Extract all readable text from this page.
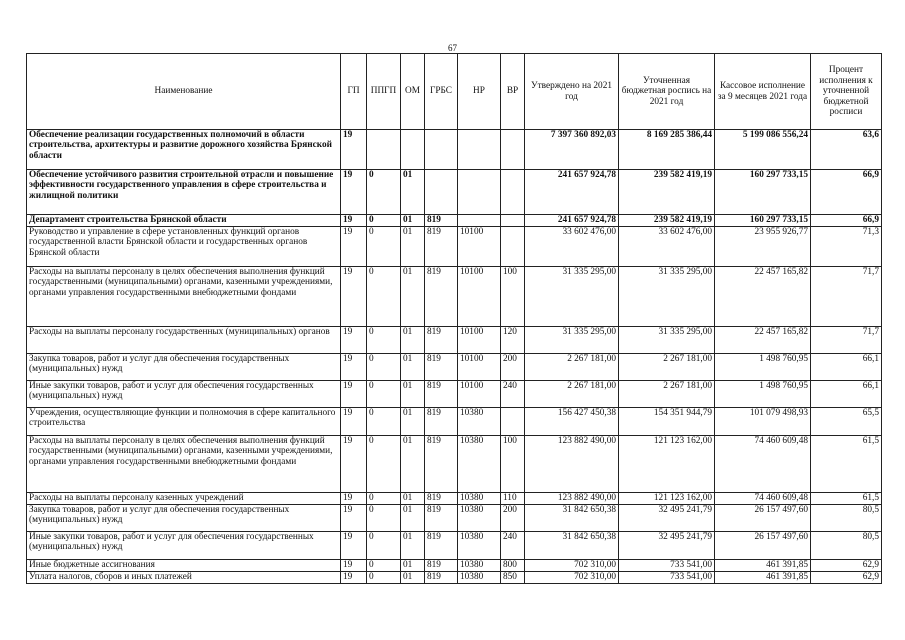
67
Наименование	ГП	ППГП	ОМ	ГРБС	НР	ВР	Утверждено на 2021 год	Уточненная бюджетная роспись на 2021 год	Кассовое исполнение за 9 месяцев 2021 года	Процент исполнения к уточненной бюджетной росписи
Обеспечение реализации государственных полномочий в области строительства, архитектуры и развитие дорожного хозяйства Брянской области	19						7 397 360 892,03	8 169 285 386,44	5 199 086 556,24	63,6
Обеспечение устойчивого развития строительной отрасли и повышение эффективности государственного управления в сфере строительства и жилищной политики	19	0	01				241 657 924,78	239 582 419,19	160 297 733,15	66,9
Департамент строительства Брянской области	19	0	01	819			241 657 924,78	239 582 419,19	160 297 733,15	66,9
Руководство и управление в сфере установленных функций органов государственной власти Брянской области и государственных органов Брянской области	19	0	01	819	10100		33 602 476,00	33 602 476,00	23 955 926,77	71,3
Расходы на выплаты персоналу в целях обеспечения выполнения функций государственными (муниципальными) органами, казенными учреждениями, органами управления государственными внебюджетными фондами	19	0	01	819	10100	100	31 335 295,00	31 335 295,00	22 457 165,82	71,7
Расходы на выплаты персоналу государственных (муниципальных) органов	19	0	01	819	10100	120	31 335 295,00	31 335 295,00	22 457 165,82	71,7
Закупка товаров, работ и услуг для обеспечения государственных (муниципальных) нужд	19	0	01	819	10100	200	2 267 181,00	2 267 181,00	1 498 760,95	66,1
Иные закупки товаров, работ и услуг для обеспечения государственных (муниципальных) нужд	19	0	01	819	10100	240	2 267 181,00	2 267 181,00	1 498 760,95	66,1
Учреждения, осуществляющие функции и полномочия в сфере капитального строительства	19	0	01	819	10380		156 427 450,38	154 351 944,79	101 079 498,93	65,5
Расходы на выплаты персоналу в целях обеспечения выполнения функций государственными (муниципальными) органами, казенными учреждениями, органами управления государственными внебюджетными фондами	19	0	01	819	10380	100	123 882 490,00	121 123 162,00	74 460 609,48	61,5
Расходы на выплаты персоналу казенных учреждений	19	0	01	819	10380	110	123 882 490,00	121 123 162,00	74 460 609,48	61,5
Закупка товаров, работ и услуг для обеспечения государственных (муниципальных) нужд	19	0	01	819	10380	200	31 842 650,38	32 495 241,79	26 157 497,60	80,5
Иные закупки товаров, работ и услуг для обеспечения государственных (муниципальных) нужд	19	0	01	819	10380	240	31 842 650,38	32 495 241,79	26 157 497,60	80,5
Иные бюджетные ассигнования	19	0	01	819	10380	800	702 310,00	733 541,00	461 391,85	62,9
Уплата налогов, сборов и иных платежей	19	0	01	819	10380	850	702 310,00	733 541,00	461 391,85	62,9
